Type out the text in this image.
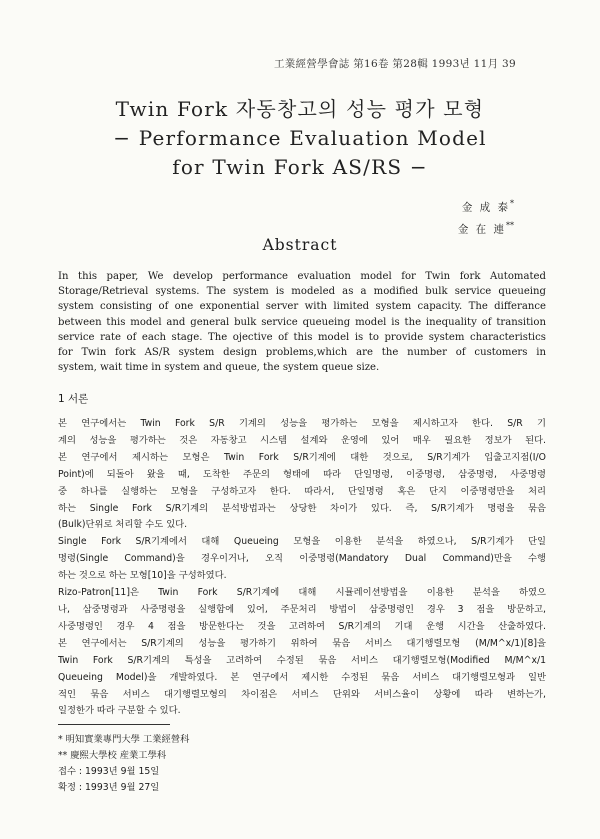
工業經營學會誌 第16卷 第28輯 1993년 11月 39
Twin Fork 자동창고의 성능 평가 모형
− Performance Evaluation Model
for Twin Fork AS/RS −
金 成 泰*
金 在 連**
Abstract
In this paper, We develop performance evaluation model for Twin fork Automated
Storage/Retrieval systems. The system is modeled as a modified bulk service queueing
system consisting of one exponential server with limited system capacity. The differance
between this model and general bulk service queueing model is the inequality of transition
service rate of each stage. The ojective of this model is to provide system characteristics
for Twin fork AS/R system design problems,which are the number of customers in
system, wait time in system and queue, the system queue size.
1 서론
본 연구에서는 Twin Fork S/R 기계의 성능을 평가하는 모형을 제시하고자 한다. S/R 기
계의 성능을 평가하는 것은 자동창고 시스템 설계와 운영에 있어 매우 필요한 정보가 된다.
본 연구에서 제시하는 모형은 Twin Fork S/R기계에 대한 것으로, S/R기계가 입출고지점(I/O
Point)에 되돌아 왔을 때, 도착한 주문의 형태에 따라 단일명령, 이중명령, 삼중명령, 사중명령
중 하나를 실행하는 모형을 구성하고자 한다. 따라서, 단일명령 혹은 단지 이중명령만을 처리
하는 Single Fork S/R기계의 분석방법과는 상당한 차이가 있다. 즉, S/R기계가 명령을 묶음
(Bulk)단위로 처리할 수도 있다.
Single Fork S/R기계에서 대해 Queueing 모형을 이용한 분석을 하였으나, S/R기계가 단일
명령(Single Command)을 경우이거나, 오직 이중명령(Mandatory Dual Command)만을 수행
하는 것으로 하는 모형[10]을 구성하였다.
Rizo-Patron[11]은 Twin Fork S/R기계에 대해 시뮬레이션방법을 이용한 분석을 하였으
나, 삼중명령과 사중명령을 실행함에 있어, 주문처리 방법이 삼중명령인 경우 3 점을 방문하고,
사중명령인 경우 4 점을 방문한다는 것을 고려하여 S/R기계의 기대 운행 시간을 산출하였다.
본 연구에서는 S/R기계의 성능을 평가하기 위하여 묶음 서비스 대기행렬모형 (M/M^x/1)[8]을
Twin Fork S/R기계의 특성을 고려하여 수정된 묶음 서비스 대기행렬모형(Modified M/M^x/1
Queueing Model)을 개발하였다. 본 연구에서 제시한 수정된 묶음 서비스 대기행렬모형과 일반
적인 묶음 서비스 대기행렬모형의 차이점은 서비스 단위와 서비스율이 상황에 따라 변하는가,
일정한가 따라 구분할 수 있다.
* 明知實業專門大學 工業經營科
** 慶熙大學校 産業工學科
접수 : 1993년 9월 15일
확정 : 1993년 9월 27일
